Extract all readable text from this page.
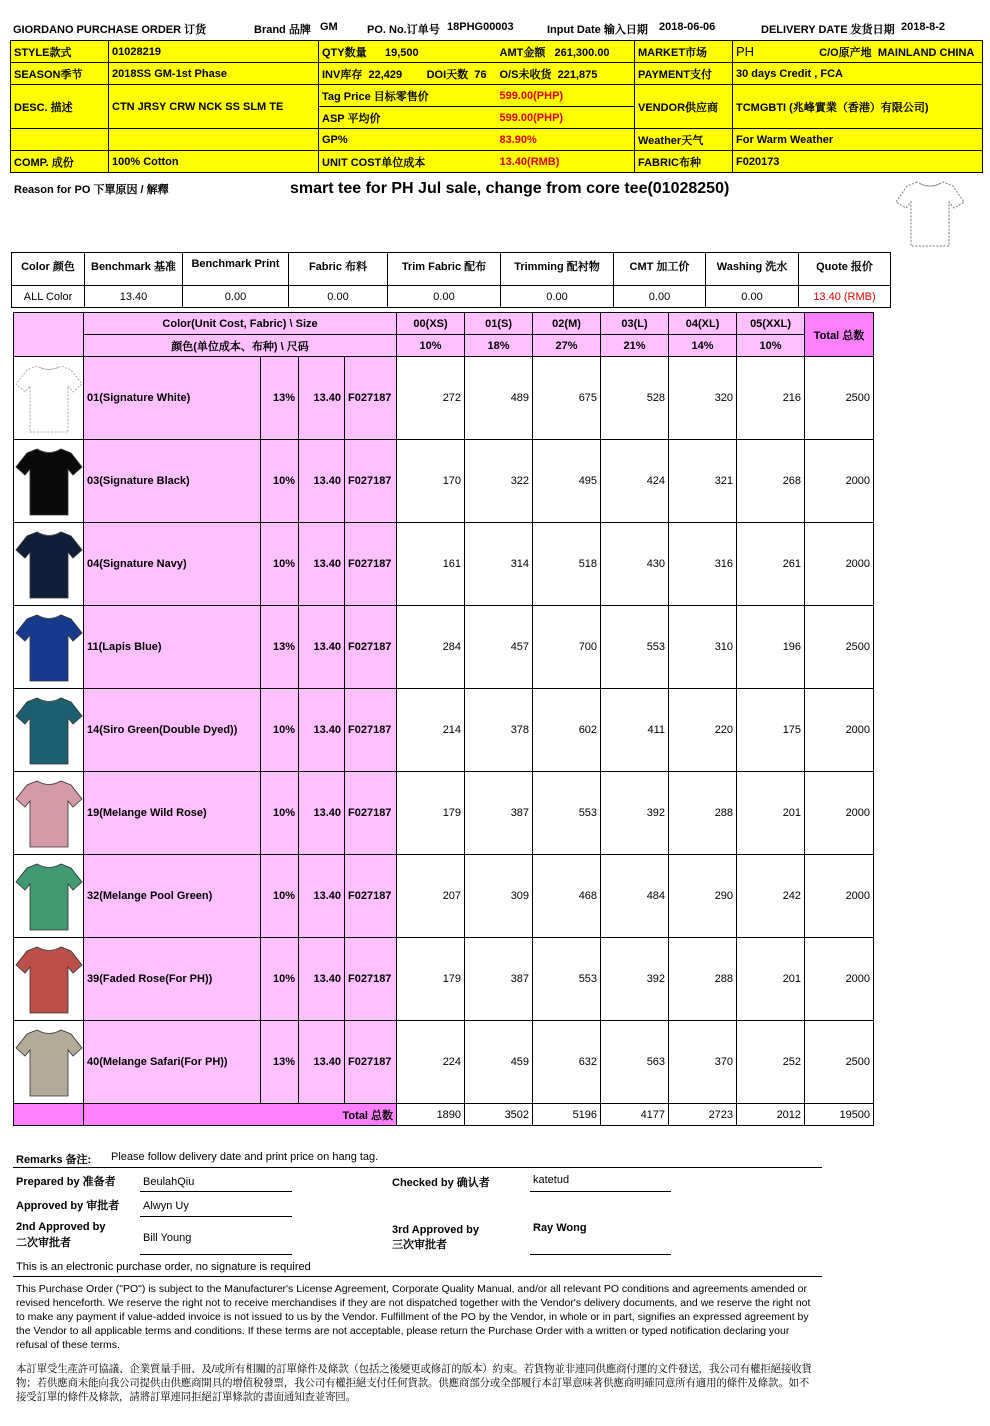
GIORDANO PURCHASE ORDER 订货	Brand 品牌 GM	PO. No.订单号 18PHG00003	Input Date 输入日期 2018-06-06	DELIVERY DATE 发货日期 2018-8-2
STYLE款式	01028219	QTY数量 19,500	AMT金额 261,300.00	MARKET市场	PH C/O原产地 MAINLAND CHINA
SEASON季节	2018SS GM-1st Phase	INV库存 22,429 DOI天数 76	O/S未收货 221,875	PAYMENT支付	30 days Credit , FCA
DESC. 描述	CTN JRSY CRW NCK SS SLM TE	Tag Price 目标零售价	599.00(PHP)	VENDOR供应商	TCMGBTI (兆峰實業（香港）有限公司)
		ASP 平均价	599.00(PHP)		
		GP%	83.90%	Weather天气	For Warm Weather
COMP. 成份	100% Cotton	UNIT COST单位成本	13.40(RMB)	FABRIC布种	F020173
Reason for PO 下單原因 / 解釋	smart tee for PH Jul sale, change from core tee(01028250)
Color 颜色	Benchmark 基准	Benchmark Print	Fabric 布料	Trim Fabric 配布	Trimming 配衬物	CMT 加工价	Washing 洗水	Quote 报价
ALL Color	13.40	0.00	0.00	0.00	0.00	0.00	0.00	13.40 (RMB)
	Color(Unit Cost, Fabric) \ Size				00(XS)	01(S)	02(M)	03(L)	04(XL)	05(XXL)	Total 总数
	颜色(单位成本、布种) \ 尺码				10%	18%	27%	21%	14%	10%	

	01(Signature White)	13%	13.40	F027187	272	489	675	528	320	216	2500

	03(Signature Black)	10%	13.40	F027187	170	322	495	424	321	268	2000

	04(Signature Navy)	10%	13.40	F027187	161	314	518	430	316	261	2000

	11(Lapis Blue)	13%	13.40	F027187	284	457	700	553	310	196	2500

	14(Siro Green(Double Dyed))	10%	13.40	F027187	214	378	602	411	220	175	2000

	19(Melange Wild Rose)	10%	13.40	F027187	179	387	553	392	288	201	2000

	32(Melange Pool Green)	10%	13.40	F027187	207	309	468	484	290	242	2000

	39(Faded Rose(For PH))	10%	13.40	F027187	179	387	553	392	288	201	2000

	40(Melange Safari(For PH))	13%	13.40	F027187	224	459	632	563	370	252	2500
	Total 总数				1890	3502	5196	4177	2723	2012	19500
Remarks 备注: Please follow delivery date and print price on hang tag.
Prepared by 准备者 BeulahQiu	Checked by 确认者	katetud
Approved by 审批者 Alwyn Uy
2nd Approved by
二次审批者	Bill Young
3rd Approved by
三次审批者
Ray Wong
This is an electronic purchase order, no signature is required
This Purchase Order ("PO") is subject to the Manufacturer's License Agreement, Corporate Quality Manual, and/or all relevant PO conditions and agreements amended or revised henceforth. We reserve the right not to receive merchandises if they are not dispatched together with the Vendor's delivery documents, and we reserve the right not to make any payment if value-added invoice is not issued to us by the Vendor. Fulfillment of the PO by the Vendor, in whole or in part, signifies an expressed agreement by the Vendor to all applicable terms and conditions. If these terms are not acceptable, please return the Purchase Order with a written or typed notification declaring your refusal of these terms.
本訂單受生產許可協議、企業質量手冊、及/或所有相關的訂單條件及條款（包括之後變更或修訂的版本）約束。若貨物並非連同供應商付運的文件發送，我公司有權拒絕接收貨物；若供應商未能向我公司提供由供應商開具的增值稅發票，我公司有權拒絕支付任何貨款。供應商部分或全部履行本訂單意味著供應商明確同意所有適用的條件及條款。如不接受訂單的條件及條款，請將訂單連同拒絕訂單條款的書面通知查並寄回。
